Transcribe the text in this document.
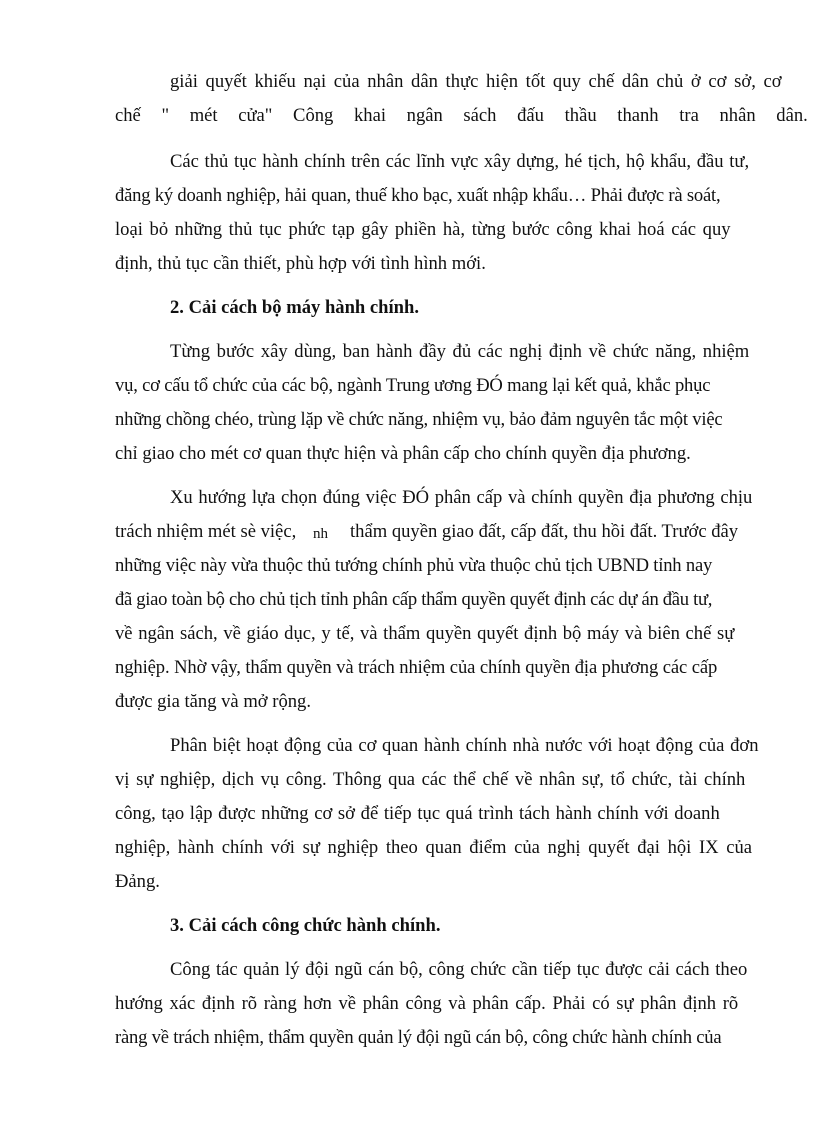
giải quyết khiếu nại của nhân dân thực hiện tốt quy chế dân chủ ở cơ sở, cơ
chế " mét cửa" Công khai ngân sách đấu thầu thanh tra nhân dân.
Các thủ tục hành chính trên các lĩnh vực xây dựng, hé tịch, hộ khẩu, đầu tư,
đăng ký doanh nghiệp, hải quan, thuế kho bạc, xuất nhập khẩu… Phải được rà soát,
loại bỏ những thủ tục phức tạp gây phiền hà, từng bước công khai hoá các quy
định, thủ tục cần thiết, phù hợp với tình hình mới.
2. Cải cách bộ máy hành chính.
Từng bước xây dùng, ban hành đầy đủ các nghị định về chức năng, nhiệm
vụ, cơ cấu tổ chức của các bộ, ngành Trung ương ĐÓ mang lại kết quả, khắc phục
những chồng chéo, trùng lặp về chức năng, nhiệm vụ, bảo đảm nguyên tắc một việc
chỉ giao cho mét cơ quan thực hiện và phân cấp cho chính quyền địa phương.
Xu hướng lựa chọn đúng việc ĐÓ phân cấp và chính quyền địa phương chịu
trách nhiệm mét sè việc, nh thẩm quyền giao đất, cấp đất, thu hồi đất. Trước đây
những việc này vừa thuộc thủ tướng chính phủ vừa thuộc chủ tịch UBND tỉnh nay
đã giao toàn bộ cho chủ tịch tỉnh phân cấp thẩm quyền quyết định các dự án đầu tư,
về ngân sách, về giáo dục, y tế, và thẩm quyền quyết định bộ máy và biên chế sự
nghiệp. Nhờ vậy, thẩm quyền và trách nhiệm của chính quyền địa phương các cấp
được gia tăng và mở rộng.
Phân biệt hoạt động của cơ quan hành chính nhà nước với hoạt động của đơn
vị sự nghiệp, dịch vụ công. Thông qua các thể chế về nhân sự, tổ chức, tài chính
công, tạo lập được những cơ sở để tiếp tục quá trình tách hành chính với doanh
nghiệp, hành chính với sự nghiệp theo quan điểm của nghị quyết đại hội IX của
Đảng.
3. Cải cách công chức hành chính.
Công tác quản lý đội ngũ cán bộ, công chức cần tiếp tục được cải cách theo
hướng xác định rõ ràng hơn về phân công và phân cấp. Phải có sự phân định rõ
ràng về trách nhiệm, thẩm quyền quản lý đội ngũ cán bộ, công chức hành chính của
